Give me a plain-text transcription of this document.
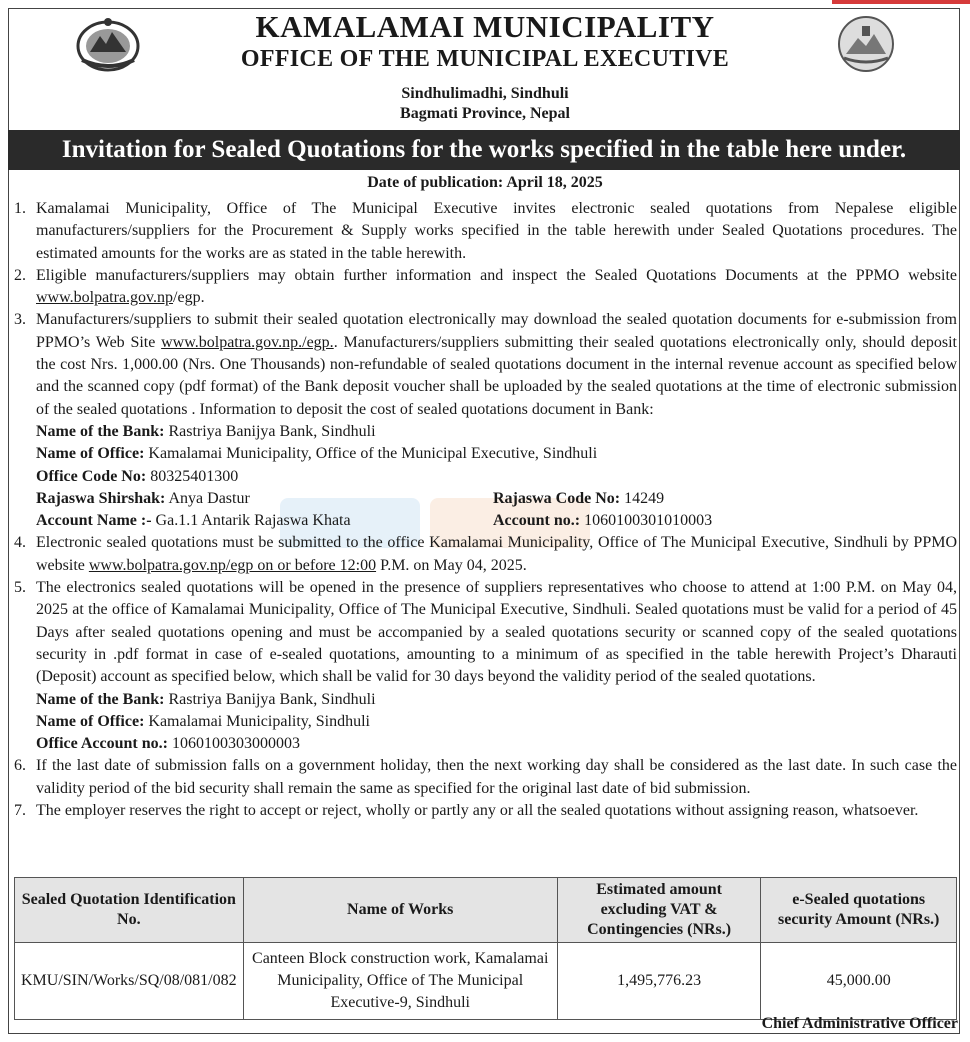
KAMALAMAI MUNICIPALITY

OFFICE OF THE MUNICIPAL EXECUTIVE

Sindhulimadhi, Sindhuli

Bagmati Province, Nepal

Invitation for Sealed Quotations for the works specified in the table here under.
Date of publication: April 18, 2025
1. Kamalamai Municipality, Office of The Municipal Executive invites electronic sealed quotations from Nepalese eligible manufacturers/suppliers for the Procurement & Supply works specified in the table herewith under Sealed Quotations procedures. The estimated amounts for the works are as stated in the table herewith.
2. Eligible manufacturers/suppliers may obtain further information and inspect the Sealed Quotations Documents at the PPMO website www.bolpatra.gov.np/egp.
3. Manufacturers/suppliers to submit their sealed quotation electronically may download the sealed quotation documents for e-submission from PPMO’s Web Site www.bolpatra.gov.np./egp.. Manufacturers/suppliers submitting their sealed quotations electronically only, should deposit the cost Nrs. 1,000.00 (Nrs. One Thousands) non-refundable of sealed quotations document in the internal revenue account as specified below and the scanned copy (pdf format) of the Bank deposit voucher shall be uploaded by the sealed quotations at the time of electronic submission of the sealed quotations . Information to deposit the cost of sealed quotations document in Bank:
Name of the Bank: Rastriya Banijya Bank, Sindhuli
Name of Office: Kamalamai Municipality, Office of the Municipal Executive, Sindhuli
Office Code No: 80325401300
Rajaswa Shirshak: Anya Dastur	Rajaswa Code No: 14249
Account Name :- Ga.1.1 Antarik Rajaswa Khata	Account no.: 1060100301010003
4. Electronic sealed quotations must be submitted to the office Kamalamai Municipality, Office of The Municipal Executive, Sindhuli by PPMO website www.bolpatra.gov.np/egp on or before 12:00 P.M. on May 04, 2025.
5. The electronics sealed quotations will be opened in the presence of suppliers representatives who choose to attend at 1:00 P.M. on May 04, 2025 at the office of Kamalamai Municipality, Office of The Municipal Executive, Sindhuli. Sealed quotations must be valid for a period of 45 Days after sealed quotations opening and must be accompanied by a sealed quotations security or scanned copy of the sealed quotations security in .pdf format in case of e-sealed quotations, amounting to a minimum of as specified in the table herewith Project’s Dharauti (Deposit) account as specified below, which shall be valid for 30 days beyond the validity period of the sealed quotations.
Name of the Bank: Rastriya Banijya Bank, Sindhuli
Name of Office: Kamalamai Municipality, Sindhuli
Office Account no.: 1060100303000003
6. If the last date of submission falls on a government holiday, then the next working day shall be considered as the last date. In such case the validity period of the bid security shall remain the same as specified for the original last date of bid submission.
7. The employer reserves the right to accept or reject, wholly or partly any or all the sealed quotations without assigning reason, whatsoever.
Sealed Quotation Identification No.	Name of Works	Estimated amount excluding VAT & Contingencies (NRs.)	e-Sealed quotations security Amount (NRs.)
KMU/SIN/Works/SQ/08/081/082	Canteen Block construction work, Kamalamai Municipality, Office of The Municipal Executive-9, Sindhuli	1,495,776.23	45,000.00
Chief Administrative Officer
